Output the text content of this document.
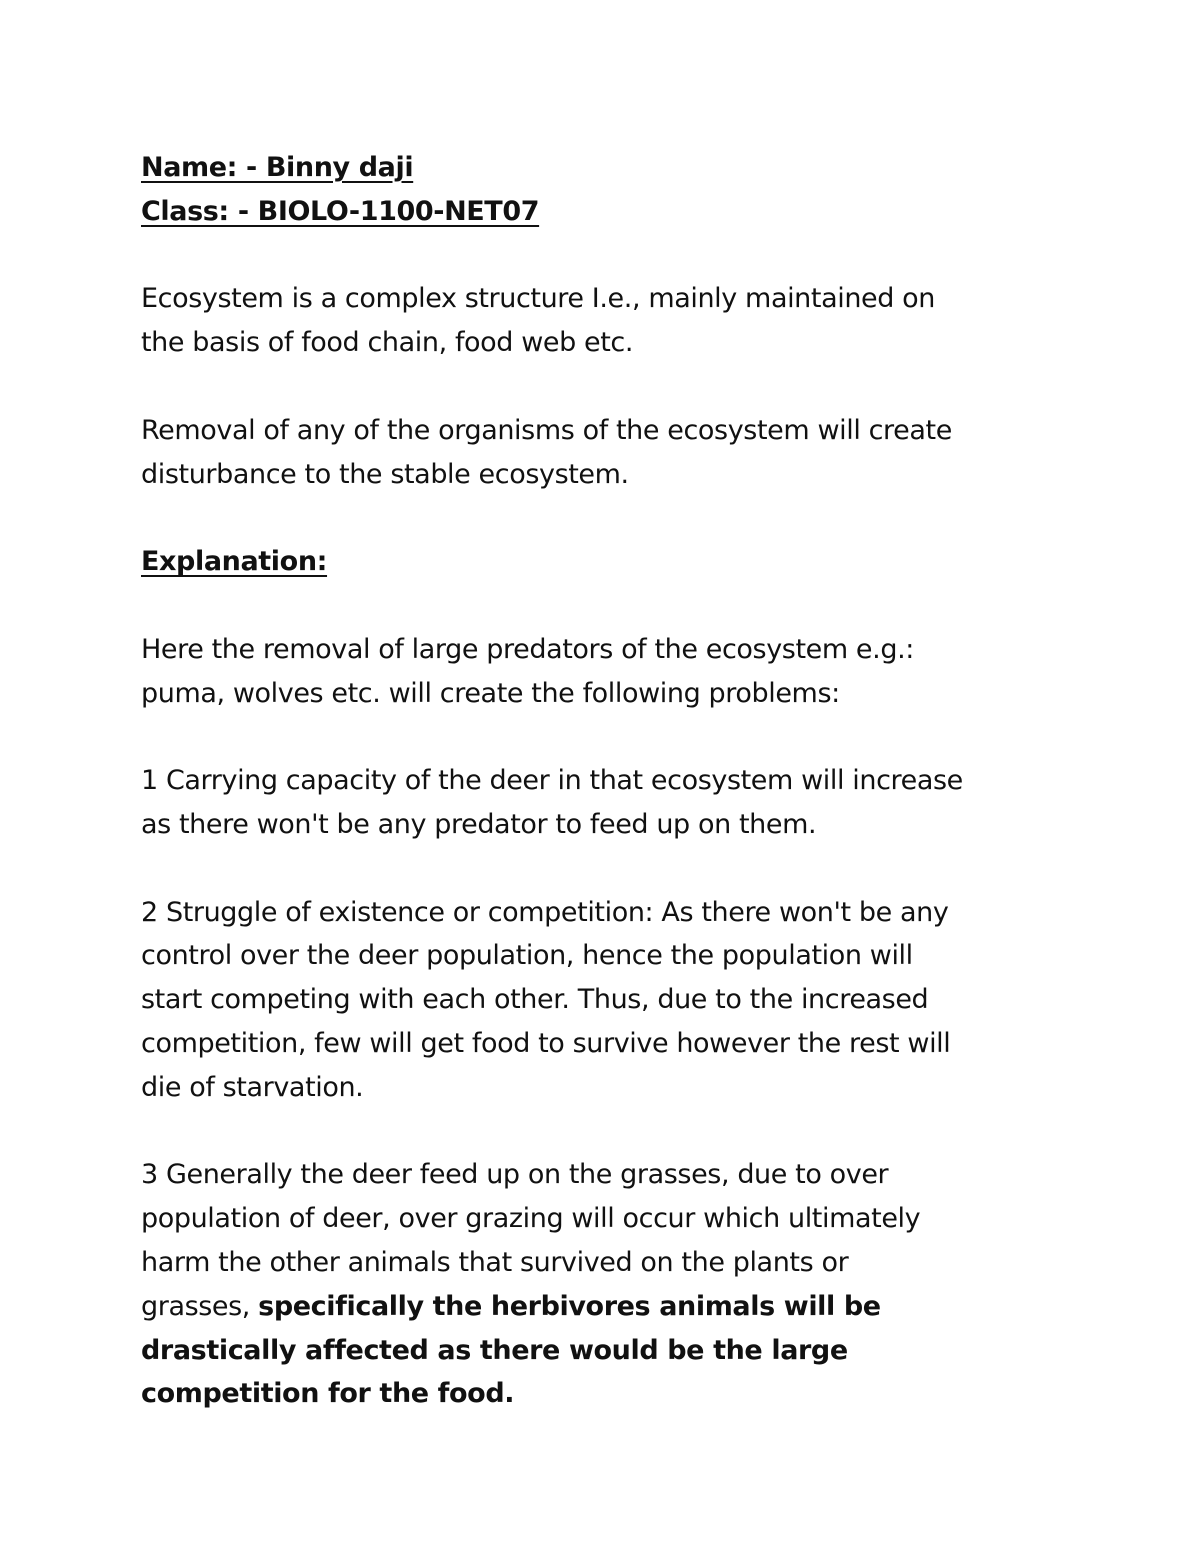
Name: - Binny daji
Class: - BIOLO-1100-NET07
Ecosystem is a complex structure I.e., mainly maintained on
the basis of food chain, food web etc.
Removal of any of the organisms of the ecosystem will create
disturbance to the stable ecosystem.
Explanation:
Here the removal of large predators of the ecosystem e.g.:
puma, wolves etc. will create the following problems:
1 Carrying capacity of the deer in that ecosystem will increase
as there won't be any predator to feed up on them.
2 Struggle of existence or competition: As there won't be any
control over the deer population, hence the population will
start competing with each other. Thus, due to the increased
competition, few will get food to survive however the rest will
die of starvation.
3 Generally the deer feed up on the grasses, due to over
population of deer, over grazing will occur which ultimately
harm the other animals that survived on the plants or
grasses, specifically the herbivores animals will be
drastically affected as there would be the large
competition for the food.
